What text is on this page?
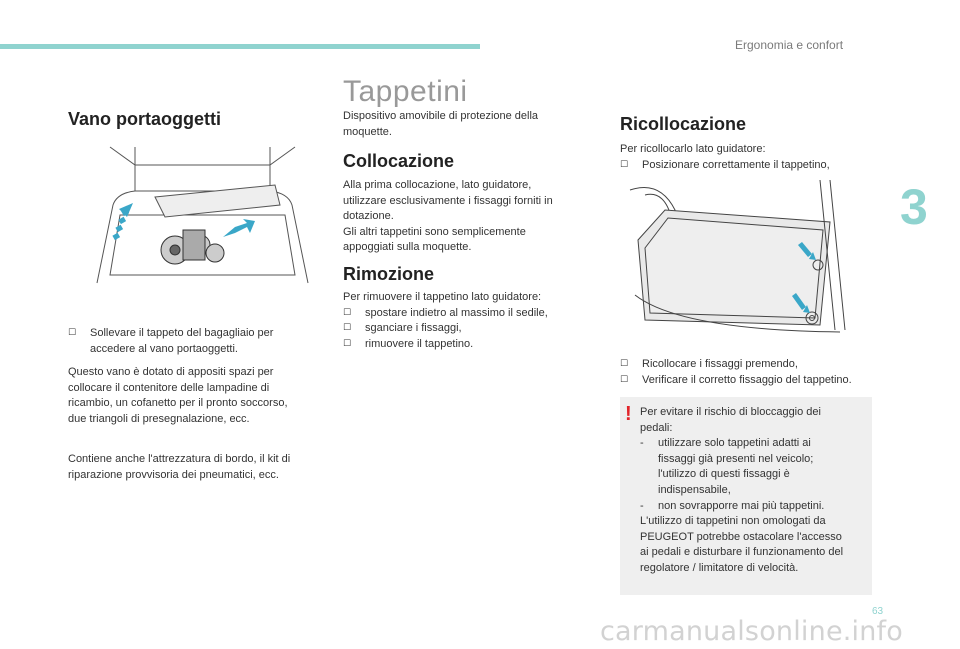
Ergonomia e confort
3
Vano portaoggetti
☐	Sollevare il tappeto del bagagliaio per accedere al vano portaoggetti.
Questo vano è dotato di appositi spazi per
collocare il contenitore delle lampadine di
ricambio, un cofanetto per il pronto soccorso,
due triangoli di presegnalazione, ecc.
Contiene anche l'attrezzatura di bordo, il kit di
riparazione provvisoria dei pneumatici, ecc.
Tappetini
Dispositivo amovibile di protezione della
moquette.
Collocazione
Alla prima collocazione, lato guidatore,
utilizzare esclusivamente i fissaggi forniti in
dotazione.
Gli altri tappetini sono semplicemente
appoggiati sulla moquette.
Rimozione
Per rimuovere il tappetino lato guidatore:
☐	spostare indietro al massimo il sedile,
☐	sganciare i fissaggi,
☐	rimuovere il tappetino.
Ricollocazione
Per ricollocarlo lato guidatore:
☐	Posizionare correttamente il tappetino,
☐	Ricollocare i fissaggi premendo,
☐	Verificare il corretto fissaggio del tappetino.
! Per evitare il rischio di bloccaggio dei
pedali:
-	utilizzare solo tappetini adatti ai
fissaggi già presenti nel veicolo;
l'utilizzo di questi fissaggi è
indispensabile,
-	non sovrapporre mai più tappetini.
L'utilizzo di tappetini non omologati da
PEUGEOT potrebbe ostacolare l'accesso
ai pedali e disturbare il funzionamento del
regolatore / limitatore di velocità.
63
carmanualsonline.info
